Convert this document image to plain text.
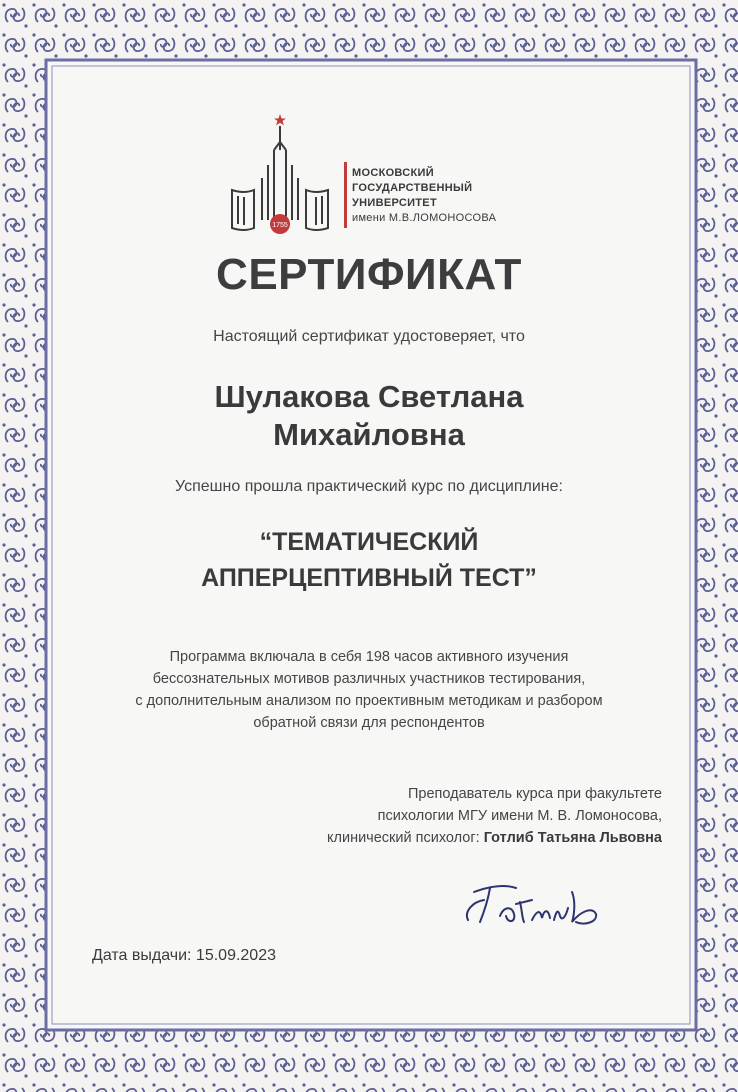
1755
МОСКОВСКИЙ
ГОСУДАРСТВЕННЫЙ
УНИВЕРСИТЕТ
имени М.В.ЛОМОНОСОВА
СЕРТИФИКАТ
Настоящий сертификат удостоверяет, что
Шулакова Светлана
Михайловна
Успешно прошла практический курс по дисциплине:
“ТЕМАТИЧЕСКИЙ
АППЕРЦЕПТИВНЫЙ ТЕСТ”
Программа включала в себя 198 часов активного изучения
бессознательных мотивов различных участников тестирования,
с дополнительным анализом по проективным методикам и разбором
обратной связи для респондентов
Преподаватель курса при факультете
психологии МГУ имени М. В. Ломоносова,
клинический психолог: Готлиб Татьяна Львовна
Дата выдачи: 15.09.2023
